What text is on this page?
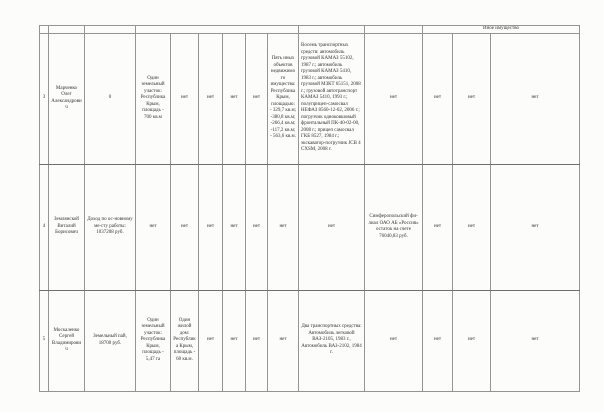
											Иное имущество		
3	Марченко Олег Александрович	0	Один земельный участок: Республика Крым, площадь - 700 кв.м	нет	нет	нет	нет	Пять иных объектов недвижимого имущества: Республика Крым, площадью: - 329,7 кв.м; -380,8 кв.м; -266,4 кв.м; -117,2 кв.м; - 563,6 кв.м.	Восемь транспортных средств: автомобиль грузовой КАМАЗ 55102, 1987 г.; автомобиль грузовой КАМАЗ 5410, 1983 г.; автомобиль грузовой МЗКТ 65151, 2008 г.; грузовой автотранспорт КАМАЗ 5410, 1993 г.; полуприцеп-самосвал НЕФАЗ 8560-12-02, 2006 г.; погрузчик одноковшовый фронтальный ПК-40-02-00, 2008 г.; прицеп самосвал ГКБ 8527, 1984 г.; экскаватор-погрузчик JCB 4 CXSM, 2008 г.	нет	нет	нет	нет
4	Землянской Виталий Борисович	Доход по ос-новному ме-сту работы: 1037208 руб.	нет	нет	нет	нет	нет	нет	нет	Симферопольский фи-лиал ОАО АБ «Россия» остаток на счете 76040,83 руб.	нет	нет	нет
5	Москаленко Сергей Владимирович	Земельный пай, 18700 руб.	Один земельный участок: Республика Крым, площадь - 5,47 га	Один жилой дом: Республика Крым, площадь - 60 кв.м.	нет	нет	нет	нет	Два транспортных средства: Автомобиль легковой ВАЗ-2105, 1983 г., Автомобиль ВАЗ-2102, 1984 г.	нет	нет	нет	нет
